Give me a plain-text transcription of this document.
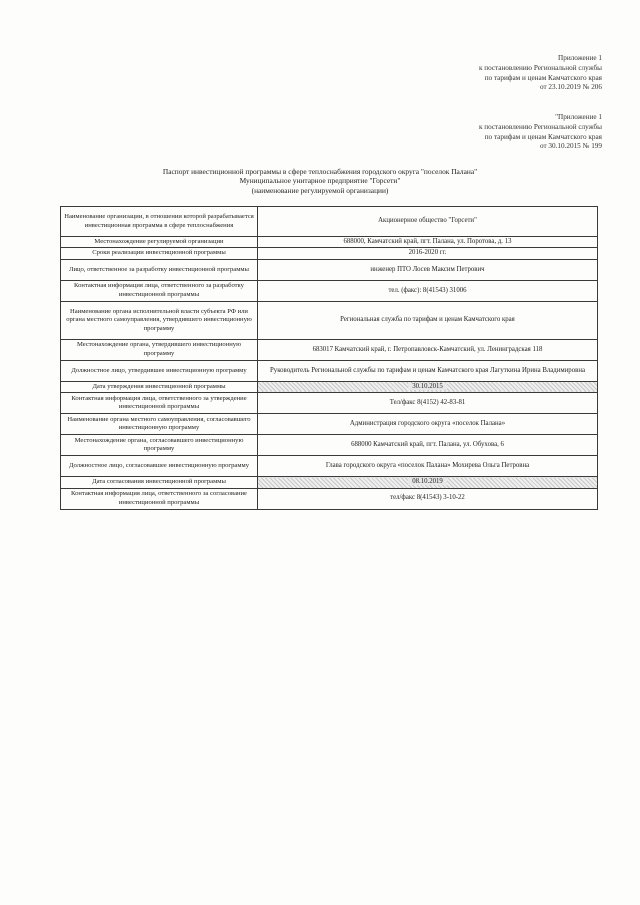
Приложение 1
к постановлению Региональной службы
по тарифам и ценам Камчатского края
от 23.10.2019 № 206
"Приложение 1
к постановлению Региональной службы
по тарифам и ценам Камчатского края
от 30.10.2015 № 199
Паспорт инвестиционной программы в сфере теплоснабжения городского округа "поселок Палана"
Муниципальное унитарное предприятие "Горсети"
(наименование регулируемой организации)
Наименование организации, в отношении которой разрабатывается инвестиционная программа в сфере теплоснабжения	Акционерное общество "Горсети"
Местонахождение регулируемой организации	688000, Камчатский край, пгт. Палана, ул. Поротова, д. 13
Сроки реализации инвестиционной программы	2016-2020 гг.
Лицо, ответственное за разработку инвестиционной программы	инженер ПТО Лосев Максим Петрович
Контактная информация лица, ответственного за разработку инвестиционной программы	тел. (факс): 8(41543) 31006
Наименование органа исполнительной власти субъекта РФ или органа местного самоуправления, утвердившего инвестиционную программу	Региональная служба по тарифам и ценам Камчатского края
Местонахождение органа, утвердившего инвестиционную программу	683017 Камчатский край, г. Петропавловск-Камчатский, ул. Ленинградская 118
Должностное лицо, утвердившее инвестиционную программу	Руководитель Региональной службы по тарифам и ценам Камчатского края Лагуткина Ирина Владимировна
Дата утверждения инвестиционной программы	30.10.2015
Контактная информация лица, ответственного за утверждение инвестиционной программы	Тел/факс 8(4152) 42-83-81
Наименование органа местного самоуправления, согласовавшего инвестиционную программу	Администрация городского округа «поселок Палана»
Местонахождение органа, согласовавшего инвестиционную программу	688000 Камчатский край, пгт. Палана, ул. Обухова, 6
Должностное лицо, согласовавшее инвестиционную программу	Глава городского округа «поселок Палана» Мохирева Ольга Петровна
Дата согласования инвестиционной программы	08.10.2019
Контактная информация лица, ответственного за согласование инвестиционной программы	тел/факс 8(41543) 3-10-22
